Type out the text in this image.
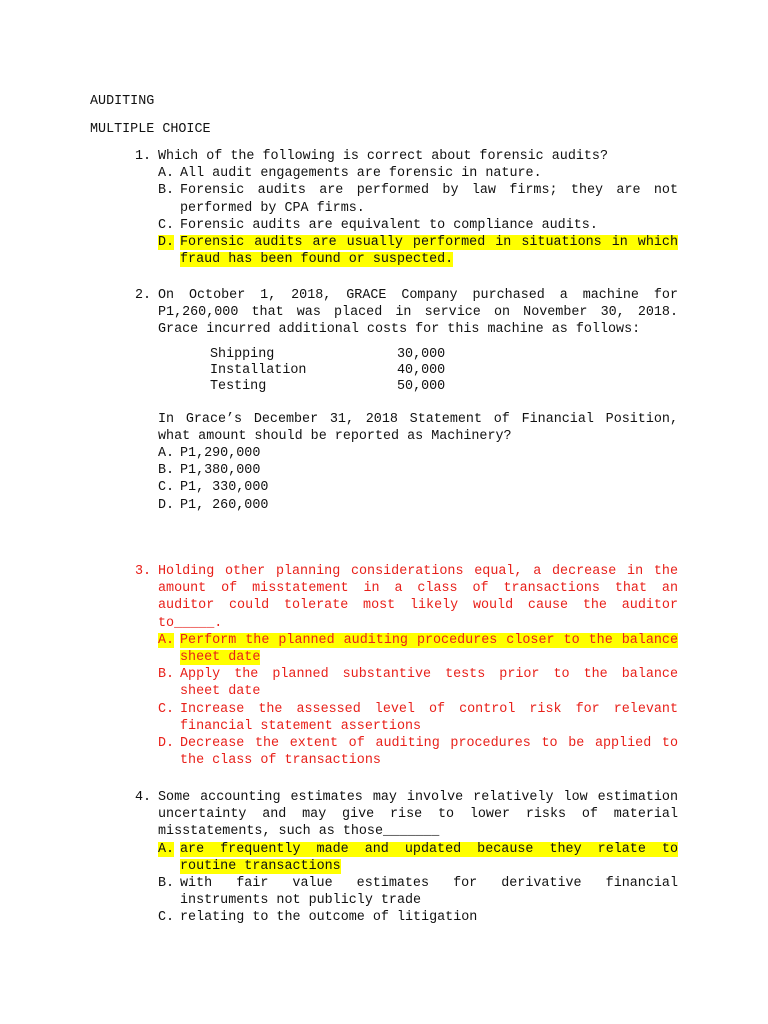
AUDITING
MULTIPLE CHOICE
1. Which of the following is correct about forensic audits?
A. All audit engagements are forensic in nature.
B. Forensic audits are performed by law firms; they are not performed by CPA firms.
C. Forensic audits are equivalent to compliance audits.
D. Forensic audits are usually performed in situations in which fraud has been found or suspected.
2. On October 1, 2018, GRACE Company purchased a machine for P1,260,000 that was placed in service on November 30, 2018. Grace incurred additional costs for this machine as follows:
Shipping	30,000
Installation	40,000
Testing	50,000
In Grace’s December 31, 2018 Statement of Financial Position, what amount should be reported as Machinery?
A. P1,290,000
B. P1,380,000
C. P1, 330,000
D. P1, 260,000
3. Holding other planning considerations equal, a decrease in the amount of misstatement in a class of transactions that an auditor could tolerate most likely would cause the auditor to_____.
A. Perform the planned auditing procedures closer to the balance sheet date
B. Apply the planned substantive tests prior to the balance sheet date
C. Increase the assessed level of control risk for relevant financial statement assertions
D. Decrease the extent of auditing procedures to be applied to the class of transactions
4. Some accounting estimates may involve relatively low estimation uncertainty and may give rise to lower risks of material misstatements, such as those_______
A. are frequently made and updated because they relate to routine transactions
B. with fair value estimates for derivative financial instruments not publicly trade
C. relating to the outcome of litigation
